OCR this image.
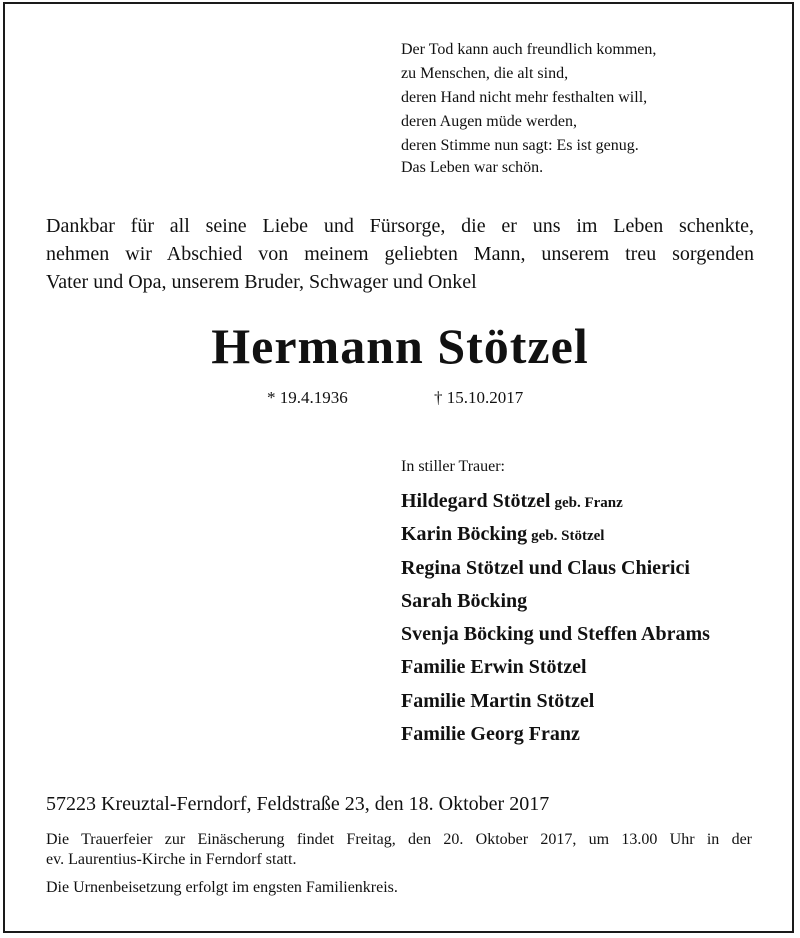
Der Tod kann auch freundlich kommen,
zu Menschen, die alt sind,
deren Hand nicht mehr festhalten will,
deren Augen müde werden,
deren Stimme nun sagt: Es ist genug.
Das Leben war schön.
Dankbar für all seine Liebe und Fürsorge, die er uns im Leben schenkte,
nehmen wir Abschied von meinem geliebten Mann, unserem treu sorgenden
Vater und Opa, unserem Bruder, Schwager und Onkel
Hermann Stötzel
* 19.4.1936	† 15.10.2017
In stiller Trauer:
Hildegard Stötzel geb. Franz
Karin Böcking geb. Stötzel
Regina Stötzel und Claus Chierici
Sarah Böcking
Svenja Böcking und Steffen Abrams
Familie Erwin Stötzel
Familie Martin Stötzel
Familie Georg Franz
57223 Kreuztal-Ferndorf, Feldstraße 23, den 18. Oktober 2017
Die Trauerfeier zur Einäscherung findet Freitag, den 20. Oktober 2017, um 13.00 Uhr in der
ev. Laurentius-Kirche in Ferndorf statt.
Die Urnenbeisetzung erfolgt im engsten Familienkreis.
